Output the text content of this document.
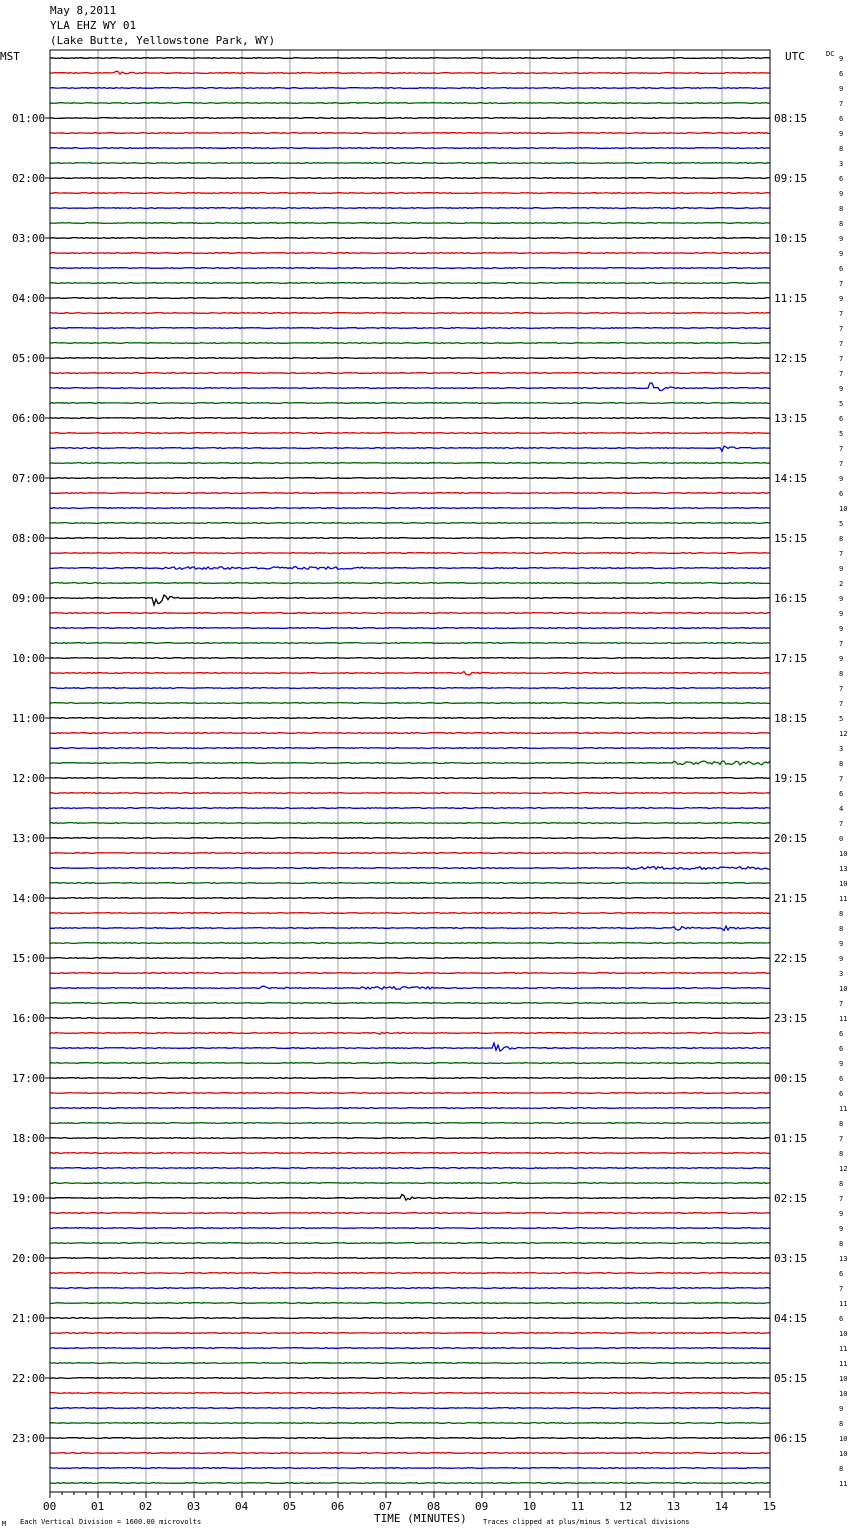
May 8,2011
YLA EHZ WY 01
(Lake Butte, Yellowstone Park, WY)
MST	UTC	DC
01:00
02:00
03:00
04:00
05:00
06:00
07:00
08:00
09:00
10:00
11:00
12:00
13:00
14:00
15:00
16:00
17:00
18:00
19:00
20:00
21:00
22:00
23:00
08:15
09:15
10:15
11:15
12:15
13:15
14:15
15:15
16:15
17:15
18:15
19:15
20:15
21:15
22:15
23:15
00:15
01:15
02:15
03:15
04:15
05:15
06:15
9
6
9
7
6
9
8
3
6
9
8
8
9
9
6
7
9
7
7
7
7
7
9
5
6
5
7
7
9
6
10
5
8
7
9
2
9
9
9
7
9
8
7
7
5
12
3
8
7
6
4
7
0
10
13
10
11
8
8
9
9
3
10
7
11
6
6
9
6
6
11
8
7
8
12
8
7
9
9
8
13
6
7
11
6
10
11
11
10
10
9
8
10
10
8
11
00	01	02	03	04	05	06	07	08	09	10	11	12	13	14	15
TIME (MINUTES)
Each Vertical Division = 1600.00 microvolts	Traces clipped at plus/minus 5 vertical divisions
M
